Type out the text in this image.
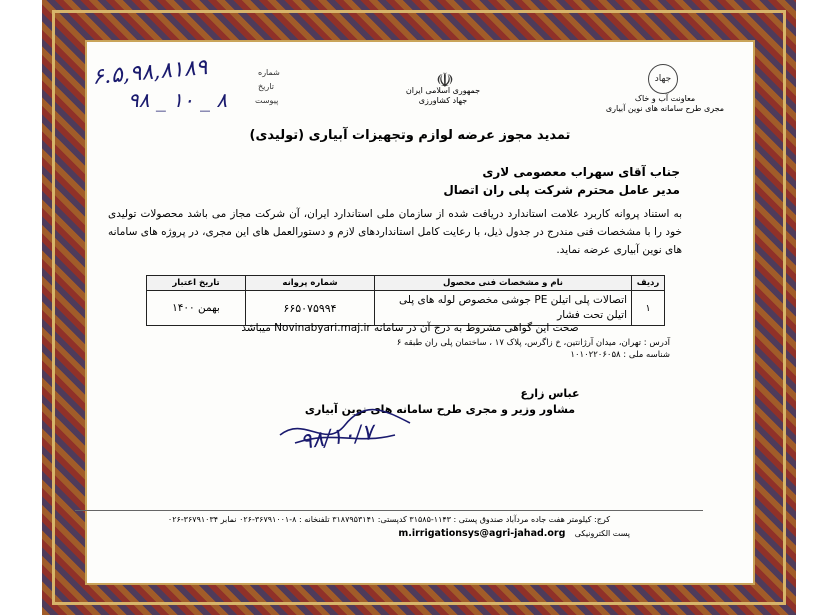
۶.۵,۹۸,۸۱۸۹
۹۸ _ ۱۰ _ ۸
شماره
تاریخ
پیوست
☫
جمهوری اسلامی ایران
جهاد کشاورزی
جهاد
معاونت آب و خاک
مجری طرح سامانه های نوین آبیاری
تمدید مجوز عرضه لوازم وتجهیزات آبیاری (تولیدی)
جناب آقای سهراب معصومی لاری
مدیر عامل محترم شرکت پلی ران اتصال
به استناد پروانه کاربرد علامت استاندارد دریافت شده از سازمان ملی استاندارد ایران، آن شرکت مجاز می باشد محصولات تولیدی خود را با مشخصات فنی مندرج در جدول ذیل، با رعایت کامل استانداردهای لازم و دستورالعمل های این مجری، در پروژه های سامانه های نوین آبیاری عرضه نماید.
ردیف	نام و مشخصات فنی محصول	شماره پروانه	تاریخ اعتبار
۱	اتصالات پلی اتیلن PE جوشی مخصوص لوله های پلی اتیلن تحت فشار	۶۶۵۰۷۵۹۹۴	بهمن ۱۴۰۰
صحت این گواهی مشروط به درج آن در سامانه Novinabyari.maj.ir میباشد
آدرس : تهران، میدان آرژانتین، خ زاگرس، پلاک ۱۷ ، ساختمان پلی ران طبقه ۶
شناسه ملی : ۱۰۱۰۲۲۰۶۰۵۸
عباس زارع
مشاور وزیر و مجری طرح سامانه های نوین آبیاری
۹۸/۱۰/۷
کرج: کیلومتر هفت جاده مردآباد صندوق پستی : ۱۱۴۳-۳۱۵۸۵ کدپستی: ۳۱۸۷۹۵۳۱۴۱ تلفنخانه : ۸-۳۶۷۹۱۰۰۱-۰۲۶ نمابر ۳۶۷۹۱۰۳۴-۰۲۶
پست الکترونیکی m.irrigationsys@agri-jahad.org
